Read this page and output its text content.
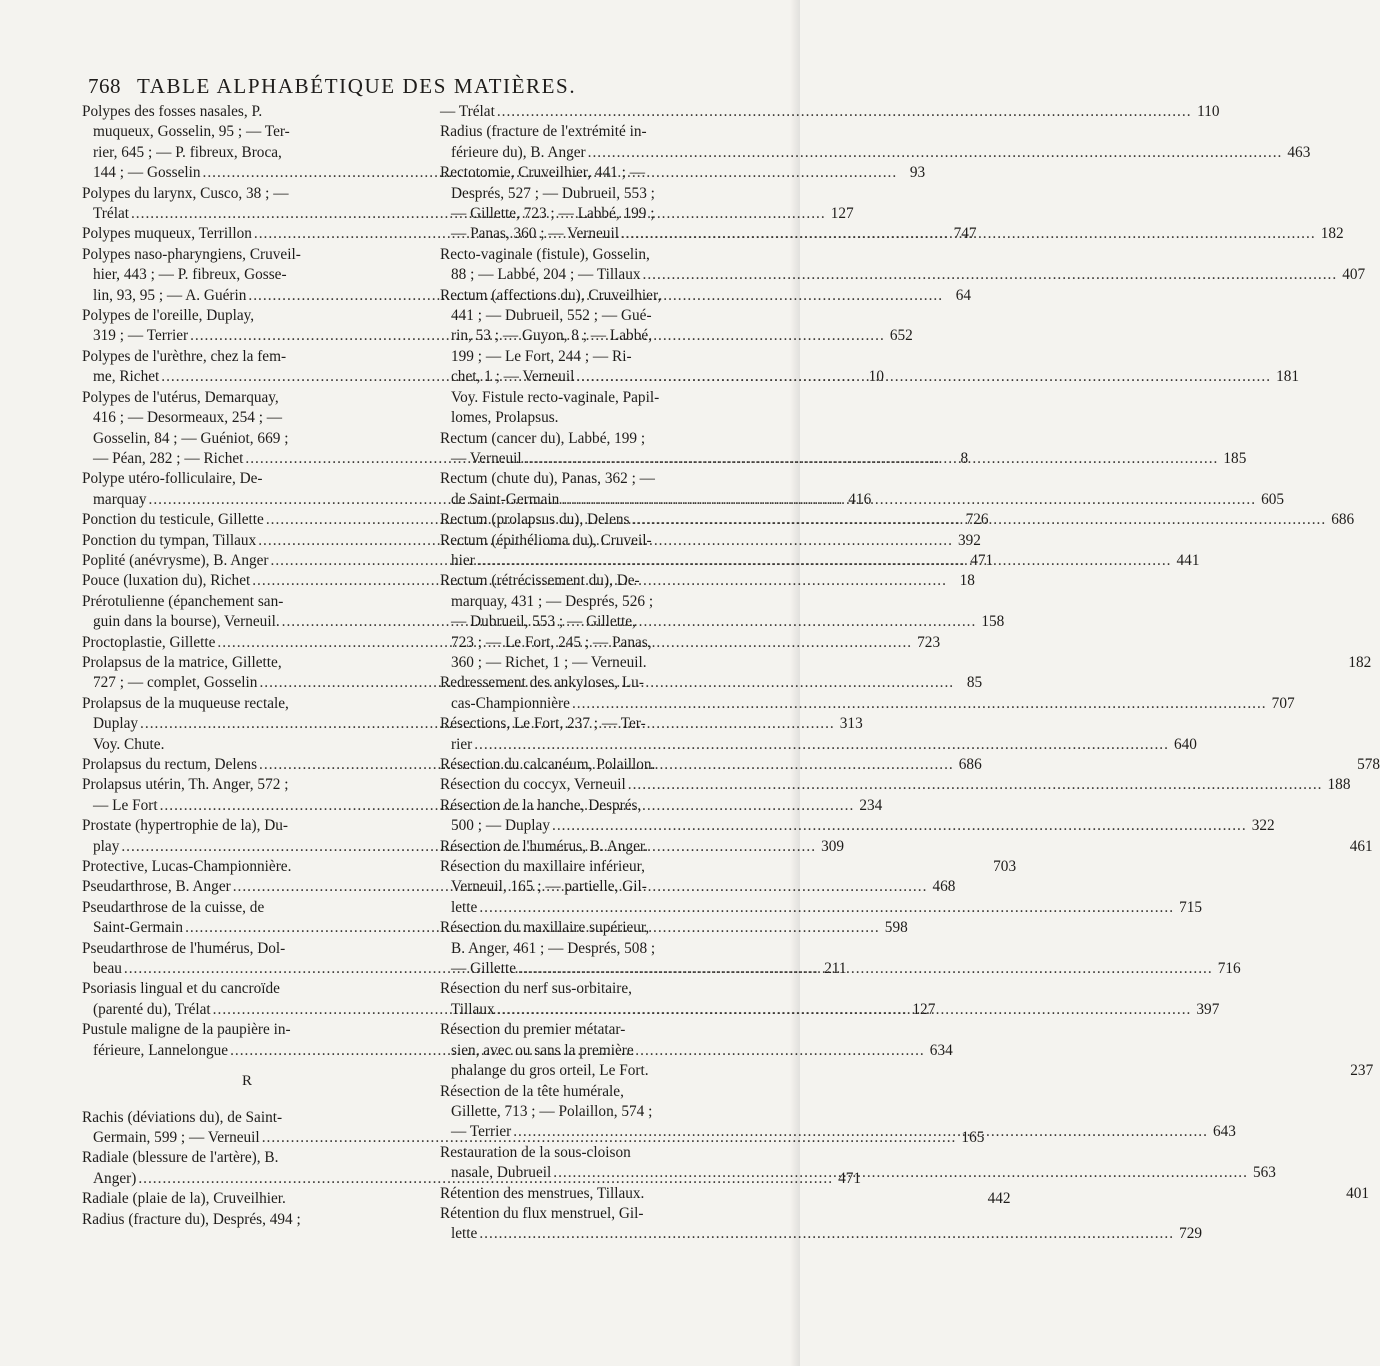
768 TABLE ALPHABÉTIQUE DES MATIÈRES.
Polypes des fosses nasales, P.
muqueux, Gosselin, 95 ; — Ter-
rier, 645 ; — P. fibreux, Broca,
144 ; — Gosselin .....	93
Polypes du larynx, Cusco, 38 ; —
Trélat .....	127
Polypes muqueux, Terrillon .....	747
Polypes naso-pharyngiens, Cruveil-
hier, 443 ; — P. fibreux, Gosse-
lin, 93, 95 ; — A. Guérin .....	64
Polypes de l'oreille, Duplay,
319 ; — Terrier .....	652
Polypes de l'urèthre, chez la fem-
me, Richet .....	10
Polypes de l'utérus, Demarquay,
416 ; — Desormeaux, 254 ; —
Gosselin, 84 ; — Guéniot, 669 ;
— Péan, 282 ; — Richet .....	8
Polype utéro-folliculaire, De-
marquay .....	416
Ponction du testicule, Gillette .....	726
Ponction du tympan, Tillaux .....	392
Poplité (anévrysme), B. Anger .....	471
Pouce (luxation du), Richet .....	18
Prérotulienne (épanchement san-
guin dans la bourse), Verneuil. .....	158
Proctoplastie, Gillette .....	723
Prolapsus de la matrice, Gillette,
727 ; — complet, Gosselin .....	85
Prolapsus de la muqueuse rectale,
Duplay .....	313
Voy. Chute.
Prolapsus du rectum, Delens .....	686
Prolapsus utérin, Th. Anger, 572 ;
— Le Fort .....	234
Prostate (hypertrophie de la), Du-
play .....	309
Protective, Lucas-Championnière.	703
Pseudarthrose, B. Anger .....	468
Pseudarthrose de la cuisse, de
Saint-Germain .....	598
Pseudarthrose de l'humérus, Dol-
beau .....	211
Psoriasis lingual et du cancroïde
(parenté du), Trélat .....	127
Pustule maligne de la paupière in-
férieure, Lannelongue .....	634
R
Rachis (déviations du), de Saint-
Germain, 599 ; — Verneuil .....	165
Radiale (blessure de l'artère), B.
Anger) .....	471
Radiale (plaie de la), Cruveilhier.	442
Radius (fracture du), Després, 494 ;
— Trélat .....	110
Radius (fracture de l'extrémité in-
férieure du), B. Anger .....	463
Rectotomie, Cruveilhier, 441 ; —
Després, 527 ; — Dubrueil, 553 ;
— Gillette, 723 ; — Labbé, 199 ;
— Panas, 360 ; — Verneuil .....	182
Recto-vaginale (fistule), Gosselin,
88 ; — Labbé, 204 ; — Tillaux .....	407
Rectum (affections du), Cruveilhier,
441 ; — Dubrueil, 552 ; — Gué-
rin, 53 ; — Guyon, 8 ; — Labbé,
199 ; — Le Fort, 244 ; — Ri-
chet, 1 ; — Verneuil .....	181
Voy. Fistule recto-vaginale, Papil-
lomes, Prolapsus.
Rectum (cancer du), Labbé, 199 ;
— Verneuil .....	185
Rectum (chute du), Panas, 362 ; —
de Saint-Germain .....	605
Rectum (prolapsus du), Delens .....	686
Rectum (épithélioma du), Cruveil-
hier .....	441
Rectum (rétrécissement du), De-
marquay, 431 ; — Després, 526 ;
— Dubrueil, 553 ; — Gillette,
723 ; — Le Fort, 245 ; — Panas,
360 ; — Richet, 1 ; — Verneuil.	182
Redressement des ankyloses, Lu-
cas-Championnière .....	707
Résections, Le Fort, 237 ; — Ter-
rier .....	640
Résection du calcanéum, Polaillon.	578
Résection du coccyx, Verneuil .....	188
Résection de la hanche, Després,
500 ; — Duplay .....	322
Résection de l'humérus, B. Anger.	461
Résection du maxillaire inférieur,
Verneuil, 165 ; — partielle, Gil-
lette .....	715
Résection du maxillaire supérieur,
B. Anger, 461 ; — Després, 508 ;
— Gillette .....	716
Résection du nerf sus-orbitaire,
Tillaux .....	397
Résection du premier métatar-
sien, avec ou sans la première
phalange du gros orteil, Le Fort.	237
Résection de la tête humérale,
Gillette, 713 ; — Polaillon, 574 ;
— Terrier .....	643
Restauration de la sous-cloison
nasale, Dubrueil .....	563
Rétention des menstrues, Tillaux.	401
Rétention du flux menstruel, Gil-
lette .....	729
